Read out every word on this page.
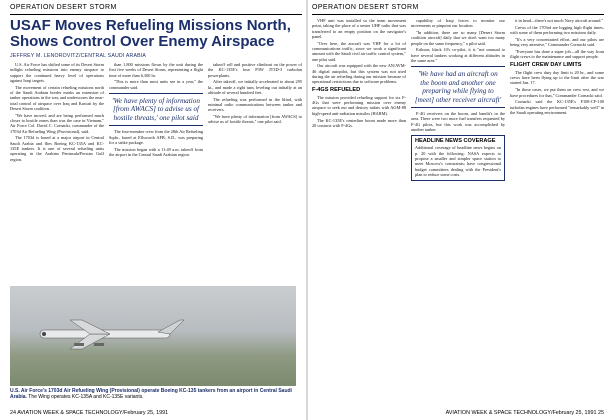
OPERATION DESERT STORM
USAF Moves Refueling Missions North, Shows Control Over Enemy Airspace
JEFFREY M. LENOROVITZ/CENTRAL SAUDI ARABIA

U.S. Air Force has shifted some of its Desert Storm inflight refueling missions into enemy airspace to support the continued heavy level of operations against Iraqi targets.

The movement of certain refueling missions north of the Saudi Arabian border marks an extension of tanker operations in the war, and underscores the near-total control of airspace over Iraq and Kuwait by the Desert Storm coalition.

"We have moved, and are being performed much closer to hostile zones than was the case in Vietnam," Air Force Col. David C. Cornacki, commander of the 1703d Air Refueling Wing (Provisional), said.

The 1703d is based at a major airport in Central Saudi Arabia and flies Boeing KC-135A and KC-135E tankers. It is one of several refueling units operating in the Arabian Peninsula/Persian Gulf region.

than 1,800 missions flown by the unit during the first five weeks of Desert Storm, representing a flight time of more than 6,300 hr.

"This is more than most units see in a year," the commander said.

'We have plenty of information [from AWACS] to advise us of hostile threats,' one pilot said

The four-member crew from the 28th Air Refueling Sqdn., based at Ellsworth AFB, S.D., was preparing for a strike package.

The mission began with a 11:49 a.m. takeoff from the airport in the Central Saudi Arabian region.

takeoff roll and positive climbout on the power of the KC-135E's four P3W JT3D-3 turbofan powerplants.

After takeoff, we initially accelerated to about 295 kt., and made a right turn, leveling out initially at an altitude of several hundred feet.

The refueling was performed in the blind, with minimal radio communications between tanker and receivers.

"We have plenty of information [from AWACS] to advise us of hostile threats," one pilot said.

U.S. Air Force's 1703d Air Refueling Wing (Provisional) operate Boeing KC-135 tankers from an airport in Central Saudi Arabia. The Wing operates KC-135A and KC-135E variants.
24 AVIATION WEEK & SPACE TECHNOLOGY/February 25, 1991
OPERATION DESERT STORM

VHF unit was installed so the team movement point, taking the place of a senior UHF radio that was transferred to an empty position on the navigator's panel.

"Over here, the aircraft was VHF for a lot of communications traffic, since we work a significant amount with the Saudi civil air traffic control system," one pilot said.

Our aircraft was equipped with the new AN/AVM-46 digital autopilot, but this system was not used during the air refueling during our mission because of operational restrictions due to software problems.

F-4GS REFUELED

The mission provided refueling support for six F-4Gs that were performing mission over enemy airspace to seek out and destroy radars with AGM-88 high-speed anti-radiation missiles (HARM).

The KC-135E's centerline boom made more than 20 contacts with F-4Gs.

capability of Iraqi forces to monitor our movements or pinpoint our location.

"In addition, there are so many [Desert Storm coalition aircraft] daily that we don't want too many people on the same frequency," a pilot said.

Erikson, black 10's co-pilot, it is "not unusual to have several tankers working at different altitudes in the same area."

'We have had an aircraft on the boom and another one preparing while flying to [meet] other receiver aircraft'

F-4G receivers on the boom, and bandit's in the area. There were two more fuel transfers requested by F-4G pilots, but this work was accomplished by another tanker.

HEADLINE NEWS COVERAGE
Additional coverage of headline news begins on p. 20 with the following: NASA expects to propose a smaller and simpler space station to meet Moscow's constraints; have congressional budget committees dealing with the President's plan to reduce some costs.

it in head—there's not much Navy aircraft around."

Crews of the 1703rd are logging high flight times, with some of them performing two missions daily.

"It's a very concentrated effort, and our pilots are being very attentive," Commander Cornacki said.

"Everyone has done a super job—all the way from flight crews to the maintenance and support people.

FLIGHT CREW DAY LIMITS

The flight crew duty day limit is 20 hr., and some crews have been flying up to the limit after the war started Jan. 17.

"In those cases, we put them on crew rest, and we have procedures for that," Commander Cornacki said.

Cornacki said the KC-135E's F108-CF-100 turbofan engines have performed "remarkably well" in the Saudi operating environment.

AVIATION WEEK & SPACE TECHNOLOGY/February 25, 1991 25
